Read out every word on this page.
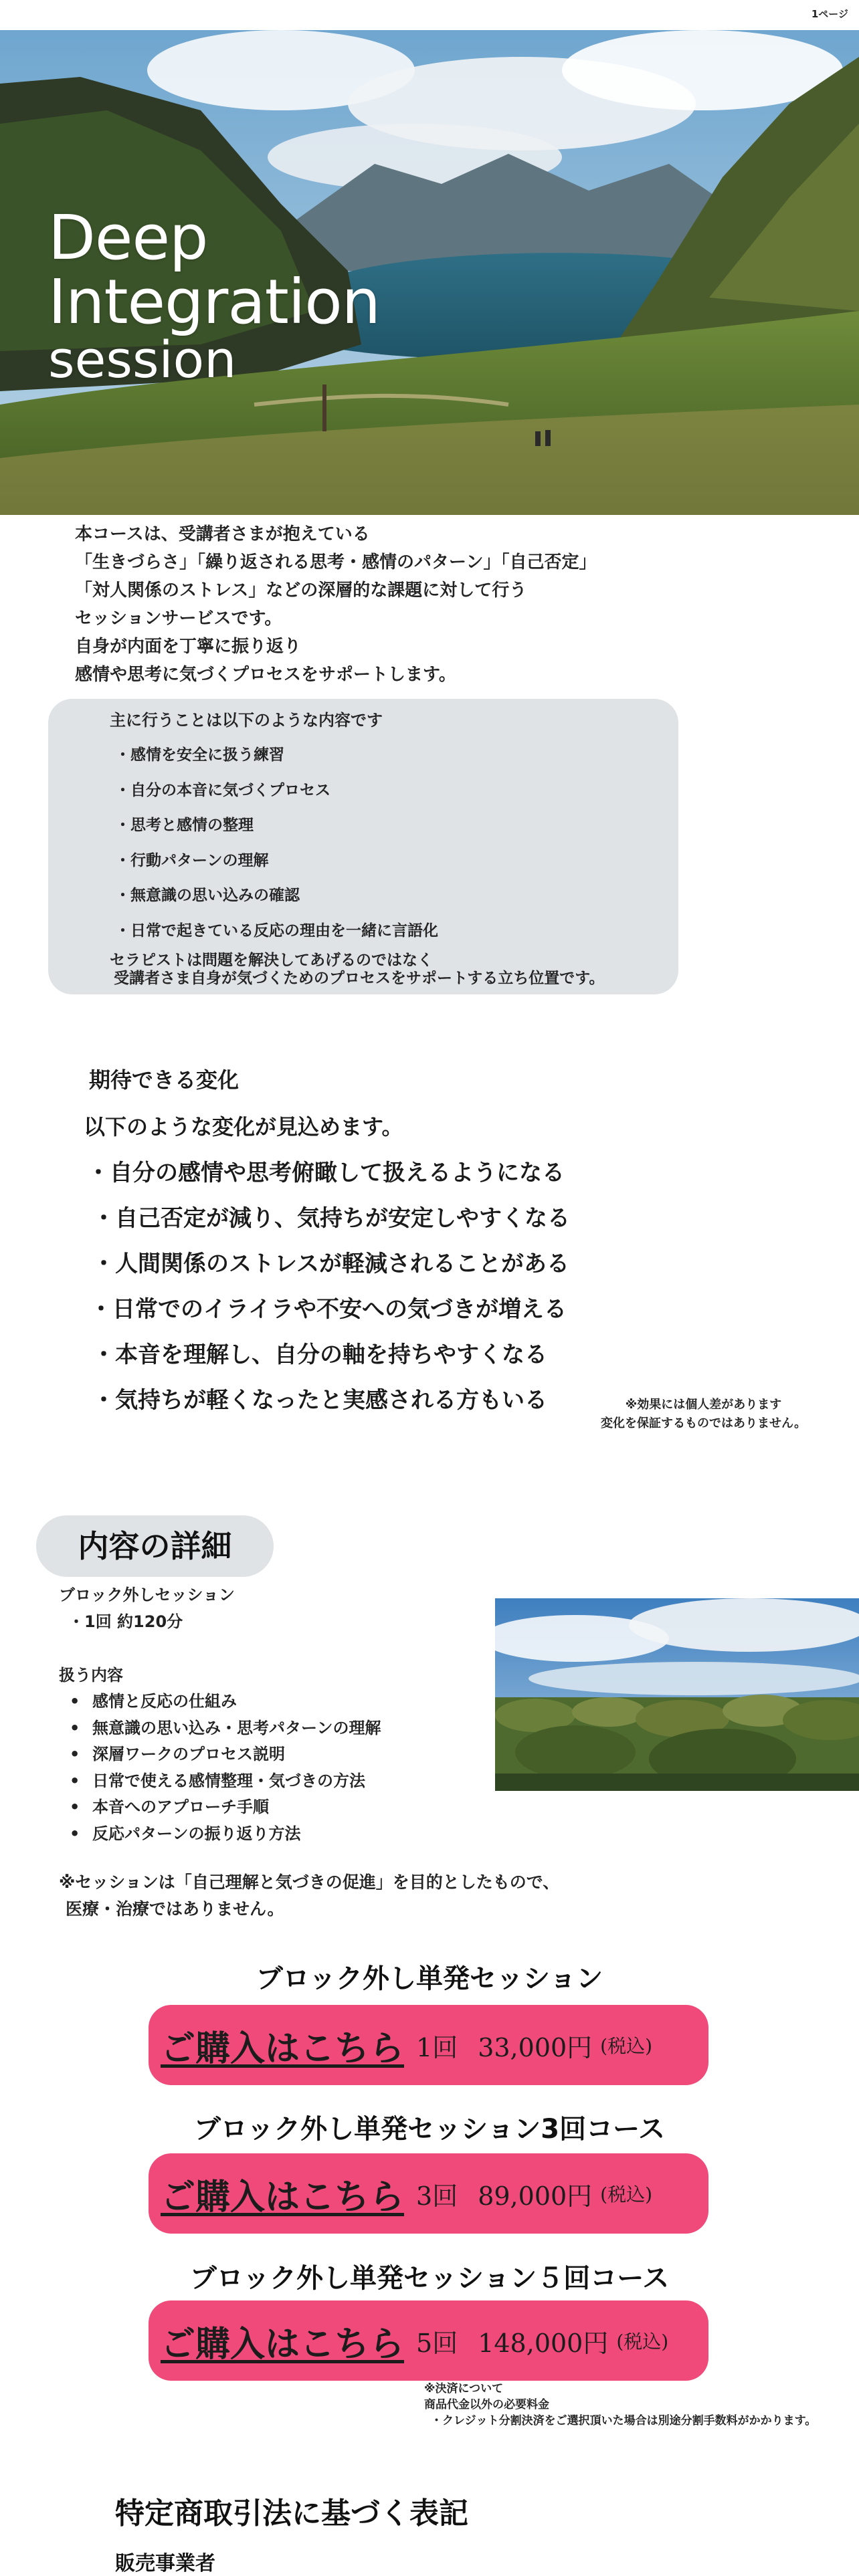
1ページ
Deep
Integration
session
本コースは、受講者さまが抱えている
「生きづらさ」「繰り返される思考・感情のパターン」「自己否定」
「対人関係のストレス」などの深層的な課題に対して行う
セッションサービスです。
自身が内面を丁寧に振り返り
感情や思考に気づくプロセスをサポートします。
主に行うことは以下のような内容です
・感情を安全に扱う練習
・自分の本音に気づくプロセス
・思考と感情の整理
・行動パターンの理解
・無意識の思い込みの確認
・日常で起きている反応の理由を一緒に言語化
セラピストは問題を解決してあげるのではなく
受講者さま自身が気づくためのプロセスをサポートする立ち位置です。
期待できる変化
以下のような変化が見込めます。
・自分の感情や思考俯瞰して扱えるようになる
・自己否定が減り、気持ちが安定しやすくなる
・人間関係のストレスが軽減されることがある
・日常でのイライラや不安への気づきが増える
・本音を理解し、自分の軸を持ちやすくなる
・気持ちが軽くなったと実感される方もいる	※効果には個人差があります
変化を保証するものではありません。
内容の詳細
ブロック外しセッション
・1回 約120分
扱う内容
• 感情と反応の仕組み
• 無意識の思い込み・思考パターンの理解
• 深層ワークのプロセス説明
• 日常で使える感情整理・気づきの方法
• 本音へのアプローチ手順
• 反応パターンの振り返り方法
※セッションは「自己理解と気づきの促進」を目的としたもので、
医療・治療ではありません。
ブロック外し単発セッション
ご購入はこちら 1回 33,000円 (税込)
ブロック外し単発セッション3回コース
ご購入はこちら 3回 89,000円 (税込)
ブロック外し単発セッション５回コース
ご購入はこちら 5回 148,000円 (税込)
※決済について
商品代金以外の必要料金
・クレジット分割決済をご選択頂いた場合は別途分割手数料がかかります。
特定商取引法に基づく表記
販売事業者
